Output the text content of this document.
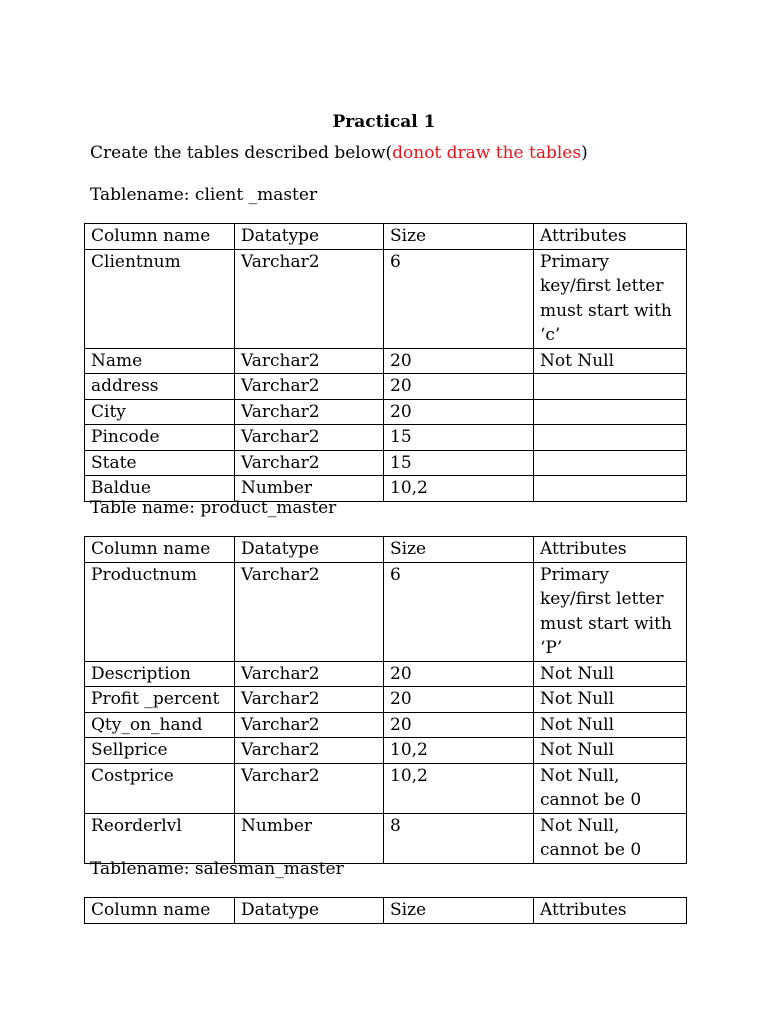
Practical 1
Create the tables described below(donot draw the tables)
Tablename: client _master
Column name	Datatype	Size	Attributes
Clientnum	Varchar2	6	Primary key/first letter must start with ‘c’
Name	Varchar2	20	Not Null
address	Varchar2	20	
City	Varchar2	20	
Pincode	Varchar2	15	
State	Varchar2	15	
Baldue	Number	10,2	
Table name: product_master
Column name	Datatype	Size	Attributes
Productnum	Varchar2	6	Primary key/first letter must start with ‘P’
Description	Varchar2	20	Not Null
Profit _percent	Varchar2	20	Not Null
Qty_on_hand	Varchar2	20	Not Null
Sellprice	Varchar2	10,2	Not Null
Costprice	Varchar2	10,2	Not Null, cannot be 0
Reorderlvl	Number	8	Not Null, cannot be 0
Tablename: salesman_master
Column name	Datatype	Size	Attributes
